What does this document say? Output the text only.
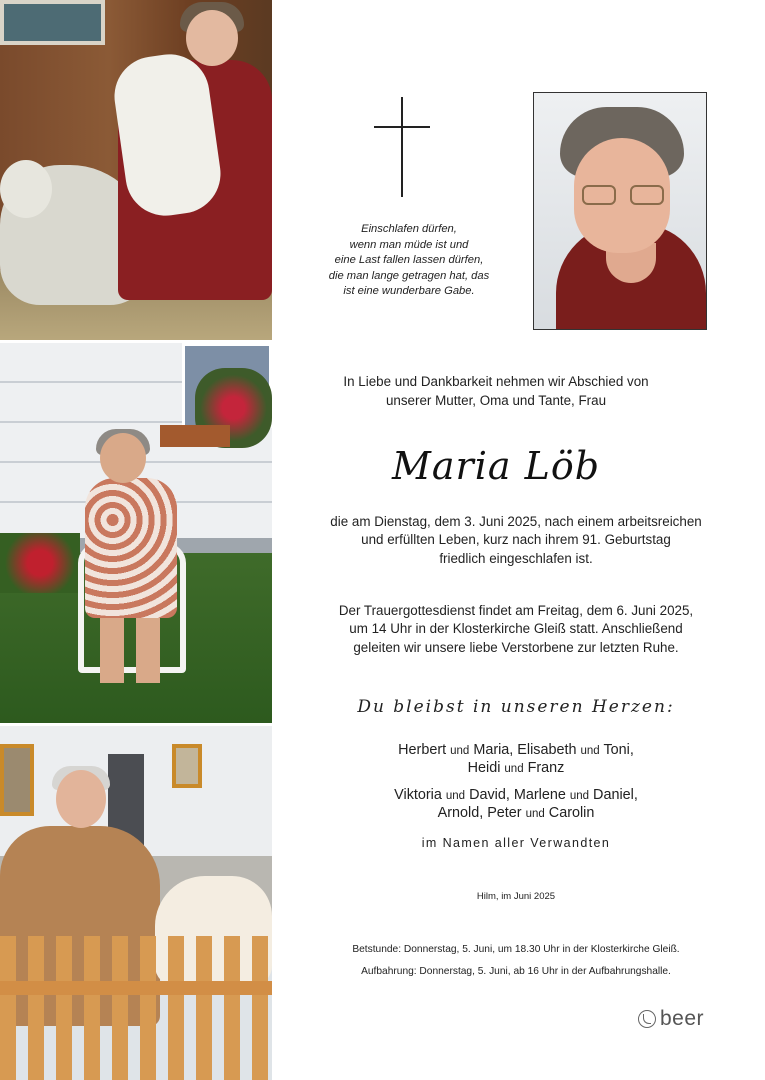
Einschlafen dürfen,
wenn man müde ist und
eine Last fallen lassen dürfen,
die man lange getragen hat, das
ist eine wunderbare Gabe.
In Liebe und Dankbarkeit nehmen wir Abschied von
unserer Mutter, Oma und Tante, Frau
Maria Löb
die am Dienstag, dem 3. Juni 2025, nach einem arbeitsreichen
und erfüllten Leben, kurz nach ihrem 91. Geburtstag
friedlich eingeschlafen ist.
Der Trauergottesdienst findet am Freitag, dem 6. Juni 2025,
um 14 Uhr in der Klosterkirche Gleiß statt. Anschließend
geleiten wir unsere liebe Verstorbene zur letzten Ruhe.
Du bleibst in unseren Herzen:
Herbert und Maria, Elisabeth und Toni,
Heidi und Franz
Viktoria und David, Marlene und Daniel,
Arnold, Peter und Carolin
im Namen aller Verwandten
Hilm, im Juni 2025
Betstunde: Donnerstag, 5. Juni, um 18.30 Uhr in der Klosterkirche Gleiß.
Aufbahrung: Donnerstag, 5. Juni, ab 16 Uhr in der Aufbahrungshalle.
beer
